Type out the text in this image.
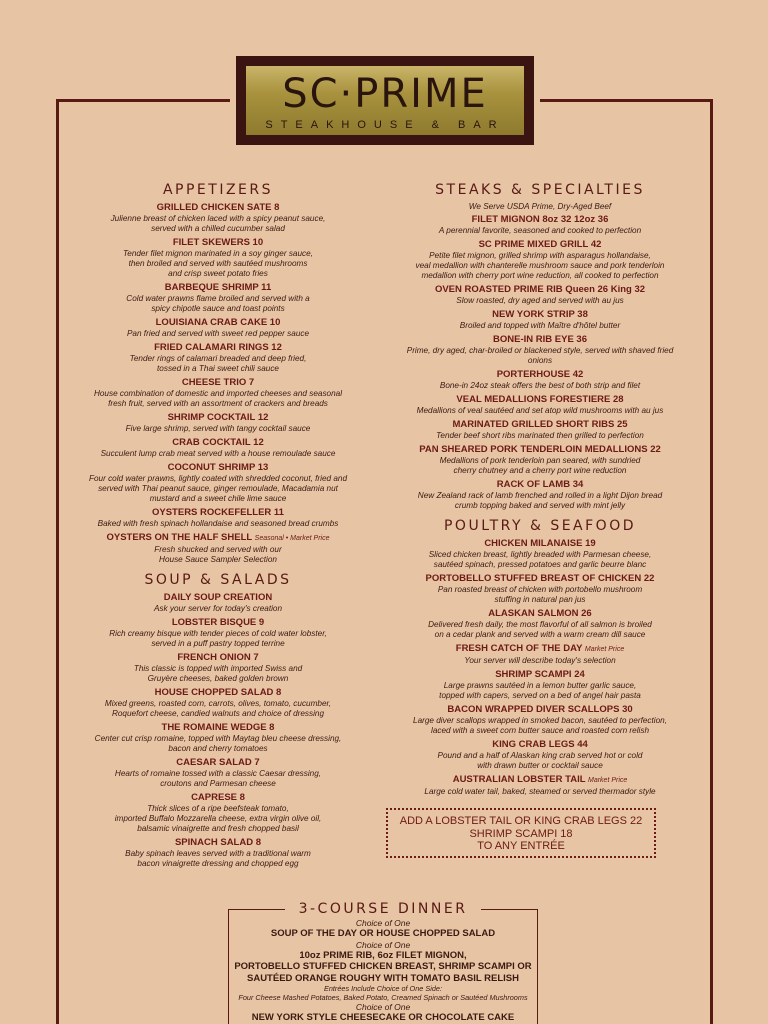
SC·PRIME
STEAKHOUSE & BAR
APPETIZERS
GRILLED CHICKEN SATE 8
Julienne breast of chicken laced with a spicy peanut sauce,
served with a chilled cucumber salad
FILET SKEWERS 10
Tender filet mignon marinated in a soy ginger sauce,
then broiled and served with sautéed mushrooms
and crisp sweet potato fries
BARBEQUE SHRIMP 11
Cold water prawns flame broiled and served with a
spicy chipotle sauce and toast points
LOUISIANA CRAB CAKE 10
Pan fried and served with sweet red pepper sauce
FRIED CALAMARI RINGS 12
Tender rings of calamari breaded and deep fried,
tossed in a Thai sweet chili sauce
CHEESE TRIO 7
House combination of domestic and imported cheeses and seasonal
fresh fruit, served with an assortment of crackers and breads
SHRIMP COCKTAIL 12
Five large shrimp, served with tangy cocktail sauce
CRAB COCKTAIL 12
Succulent lump crab meat served with a house remoulade sauce
COCONUT SHRIMP 13
Four cold water prawns, lightly coated with shredded coconut, fried and
served with Thai peanut sauce, ginger remoulade, Macadamia nut
mustard and a sweet chile lime sauce
OYSTERS ROCKEFELLER 11
Baked with fresh spinach hollandaise and seasoned bread crumbs
OYSTERS ON THE HALF SHELL Seasonal • Market Price
Fresh shucked and served with our
House Sauce Sampler Selection
SOUP & SALADS
DAILY SOUP CREATION
Ask your server for today's creation
LOBSTER BISQUE 9
Rich creamy bisque with tender pieces of cold water lobster,
served in a puff pastry topped terrine
FRENCH ONION 7
This classic is topped with imported Swiss and
Gruyère cheeses, baked golden brown
HOUSE CHOPPED SALAD 8
Mixed greens, roasted corn, carrots, olives, tomato, cucumber,
Roquefort cheese, candied walnuts and choice of dressing
THE ROMAINE WEDGE 8
Center cut crisp romaine, topped with Maytag bleu cheese dressing,
bacon and cherry tomatoes
CAESAR SALAD 7
Hearts of romaine tossed with a classic Caesar dressing,
croutons and Parmesan cheese
CAPRESE 8
Thick slices of a ripe beefsteak tomato,
imported Buffalo Mozzarella cheese, extra virgin olive oil,
balsamic vinaigrette and fresh chopped basil
SPINACH SALAD 8
Baby spinach leaves served with a traditional warm
bacon vinaigrette dressing and chopped egg
STEAKS & SPECIALTIES
We Serve USDA Prime, Dry-Aged Beef
FILET MIGNON 8oz 32 12oz 36
A perennial favorite, seasoned and cooked to perfection
SC PRIME MIXED GRILL 42
Petite filet mignon, grilled shrimp with asparagus hollandaise,
veal medallion with chanterelle mushroom sauce and pork tenderloin
medallion with cherry port wine reduction, all cooked to perfection
OVEN ROASTED PRIME RIB Queen 26 King 32
Slow roasted, dry aged and served with au jus
NEW YORK STRIP 38
Broiled and topped with Maître d'hôtel butter
BONE-IN RIB EYE 36
Prime, dry aged, char-broiled or blackened style, served with shaved fried onions
PORTERHOUSE 42
Bone-in 24oz steak offers the best of both strip and filet
VEAL MEDALLIONS FORESTIERE 28
Medallions of veal sautéed and set atop wild mushrooms with au jus
MARINATED GRILLED SHORT RIBS 25
Tender beef short ribs marinated then grilled to perfection
PAN SHEARED PORK TENDERLOIN MEDALLIONS 22
Medallions of pork tenderloin pan seared, with sundried
cherry chutney and a cherry port wine reduction
RACK OF LAMB 34
New Zealand rack of lamb frenched and rolled in a light Dijon bread
crumb topping baked and served with mint jelly
POULTRY & SEAFOOD
CHICKEN MILANAISE 19
Sliced chicken breast, lightly breaded with Parmesan cheese,
sautéed spinach, pressed potatoes and garlic beurre blanc
PORTOBELLO STUFFED BREAST OF CHICKEN 22
Pan roasted breast of chicken with portobello mushroom
stuffing in natural pan jus
ALASKAN SALMON 26
Delivered fresh daily, the most flavorful of all salmon is broiled
on a cedar plank and served with a warm cream dill sauce
FRESH CATCH OF THE DAY Market Price
Your server will describe today's selection
SHRIMP SCAMPI 24
Large prawns sautéed in a lemon butter garlic sauce,
topped with capers, served on a bed of angel hair pasta
BACON WRAPPED DIVER SCALLOPS 30
Large diver scallops wrapped in smoked bacon, sautéed to perfection,
laced with a sweet corn butter sauce and roasted corn relish
KING CRAB LEGS 44
Pound and a half of Alaskan king crab served hot or cold
with drawn butter or cocktail sauce
AUSTRALIAN LOBSTER TAIL Market Price
Large cold water tail, baked, steamed or served thermador style
ADD A LOBSTER TAIL OR KING CRAB LEGS 22
SHRIMP SCAMPI 18
TO ANY ENTRÉE
3-COURSE DINNER
Choice of One
SOUP OF THE DAY OR HOUSE CHOPPED SALAD
Choice of One
10oz PRIME RIB, 6oz FILET MIGNON,
PORTOBELLO STUFFED CHICKEN BREAST, SHRIMP SCAMPI OR
SAUTÉED ORANGE ROUGHY WITH TOMATO BASIL RELISH
Entrées Include Choice of One Side:
Four Cheese Mashed Potatoes, Baked Potato, Creamed Spinach or Sautéed Mushrooms
Choice of One
NEW YORK STYLE CHEESECAKE OR CHOCOLATE CAKE
